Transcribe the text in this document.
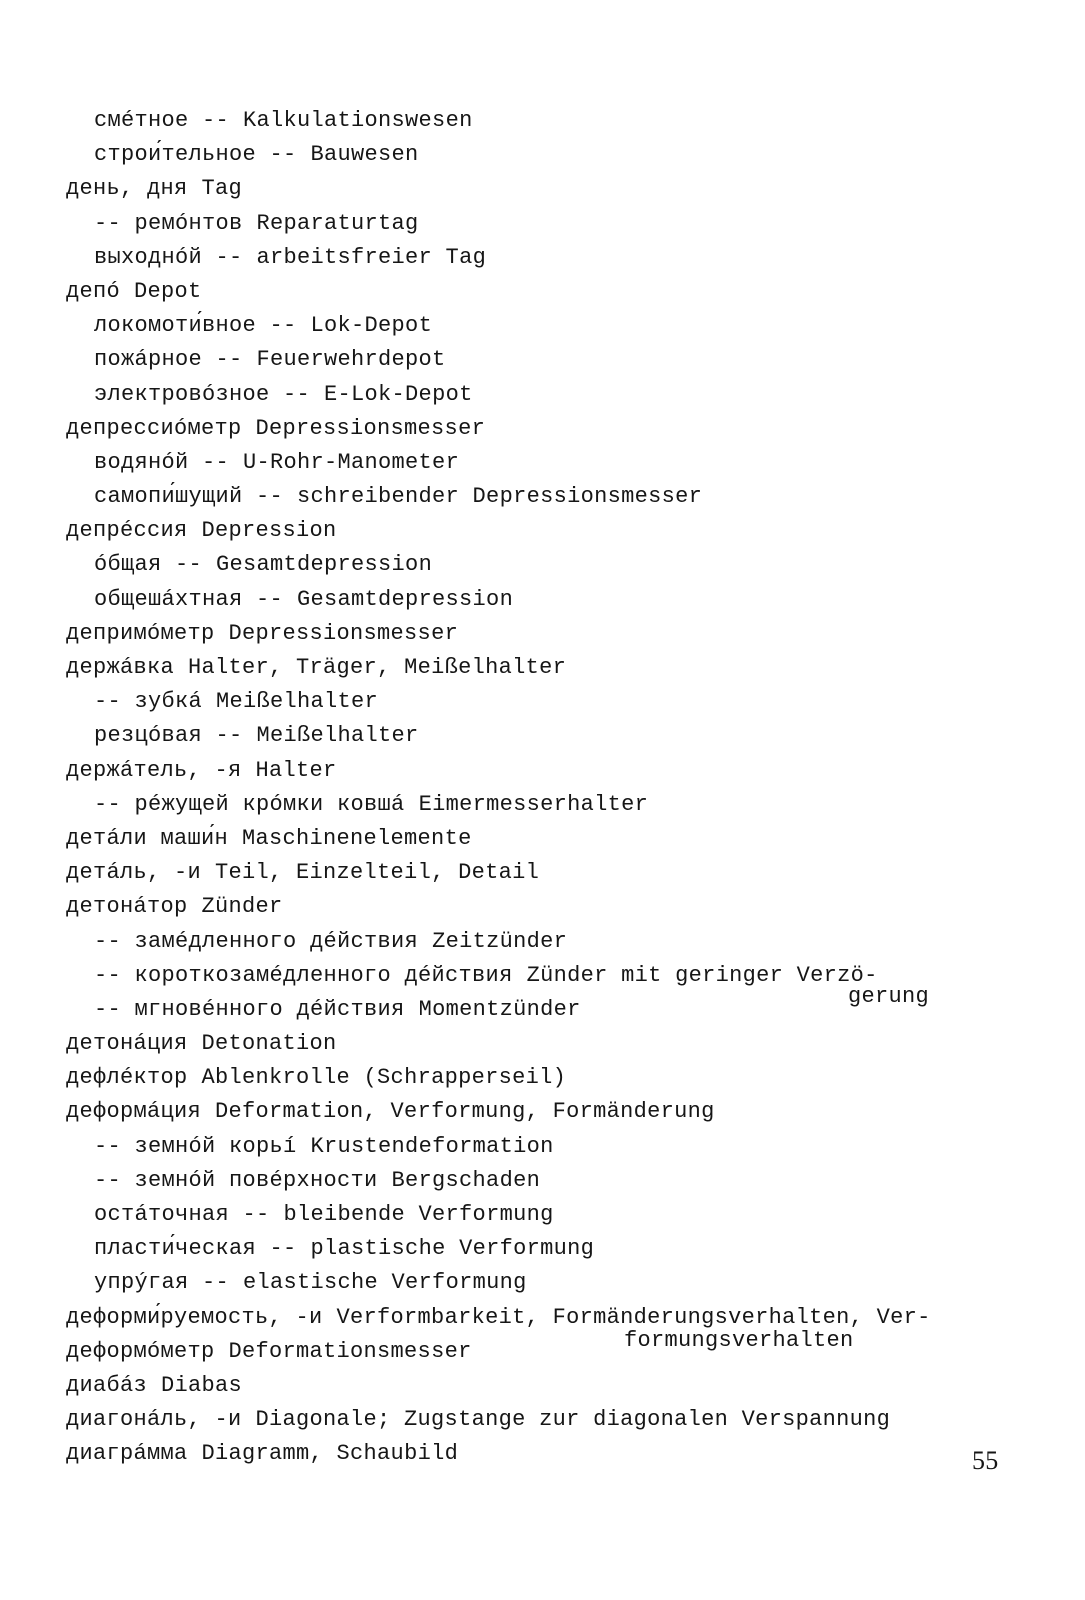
смéтное -- Kalkulationswesen
строи́тельное -- Bauwesen
день, дня Tag
-- ремóнтов Reparaturtag
выходнóй -- arbeitsfreier Tag
депó Depot
локомоти́вное -- Lok-Depot
пожáрное -- Feuerwehrdepot
электровóзное -- E-Lok-Depot
депрессиóметр Depressionsmesser
водянóй -- U-Rohr-Manometer
самопи́шущий -- schreibender Depressionsmesser
депрéссия Depression
óбщая -- Gesamtdepression
общешáхтная -- Gesamtdepression
депримóметр Depressionsmesser
держáвка Halter, Träger, Meißelhalter
-- зубкá Meißelhalter
резцóвая -- Meißelhalter
держáтель, -я Halter
-- рéжущей крóмки ковшá Eimermesserhalter
детáли маши́н Maschinenelemente
детáль, -и Teil, Einzelteil, Detail
детонáтор Zünder
-- замéдленного дéйствия Zeitzünder
-- короткозамéдленного дéйствия Zünder mit geringer Verzö-
-- мгновéнного дéйствия Momentzünder
детонáция Detonation
дефлéктор Ablenkrolle (Schrapperseil)
деформáция Deformation, Verformung, Formänderung
-- земнóй корьí Krustendeformation
-- земнóй повéрхности Bergschaden
остáточная -- bleibende Verformung
пласти́ческая -- plastische Verformung
упрýгая -- elastische Verformung
деформи́руемость, -и Verformbarkeit, Formänderungsverhalten, Ver-
деформóметр Deformationsmesser
диабáз Diabas
диагонáль, -и Diagonale; Zugstange zur diagonalen Verspannung
диагрáмма Diagramm, Schaubild
gerung
formungsverhalten
55
